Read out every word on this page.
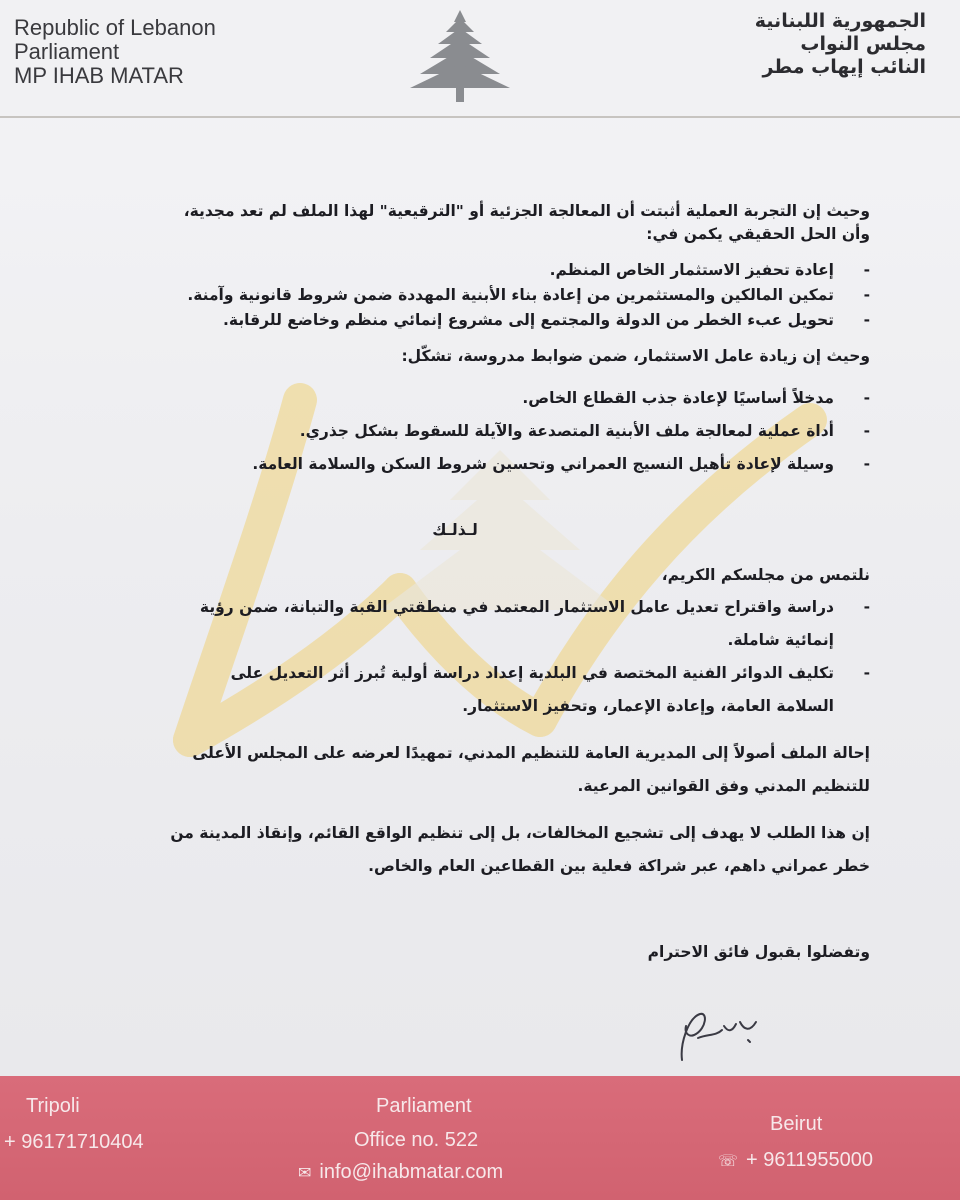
Republic of Lebanon
Parliament
MP IHAB MATAR
الجمهورية اللبنانية
مجلس النواب
النائب إيهاب مطر

وحيث إن التجربة العملية أثبتت أن المعالجة الجزئية أو "الترقيعية" لهذا الملف لم تعد مجدية،

وأن الحل الحقيقي يكمن في:

- إعادة تحفيز الاستثمار الخاص المنظم.

- تمكين المالكين والمستثمرين من إعادة بناء الأبنية المهددة ضمن شروط قانونية وآمنة.

- تحويل عبء الخطر من الدولة والمجتمع إلى مشروع إنمائي منظم وخاضع للرقابة.

وحيث إن زيادة عامل الاستثمار، ضمن ضوابط مدروسة، تشكّل:

- مدخلاً أساسيًا لإعادة جذب القطاع الخاص.

- أداة عملية لمعالجة ملف الأبنية المتصدعة والآيلة للسقوط بشكل جذري.

- وسيلة لإعادة تأهيل النسيج العمراني وتحسين شروط السكن والسلامة العامة.

لـذلـك

نلتمس من مجلسكم الكريم،

- دراسة واقتراح تعديل عامل الاستثمار المعتمد في منطقتي القبة والتبانة، ضمن رؤية

إنمائية شاملة.

- تكليف الدوائر الفنية المختصة في البلدية إعداد دراسة أولية تُبرز أثر التعديل على

السلامة العامة، وإعادة الإعمار، وتحفيز الاستثمار.

إحالة الملف أصولاً إلى المديرية العامة للتنظيم المدني، تمهيدًا لعرضه على المجلس الأعلى

للتنظيم المدني وفق القوانين المرعية.

إن هذا الطلب لا يهدف إلى تشجيع المخالفات، بل إلى تنظيم الواقع القائم، وإنقاذ المدينة من

خطر عمراني داهم، عبر شراكة فعلية بين القطاعين العام والخاص.

وتفضلوا بقبول فائق الاحترام

Tripoli
+ 96171710404
Parliament
Office no. 522
✉ info@ihabmatar.com
Beirut
☏ + 9611955000
